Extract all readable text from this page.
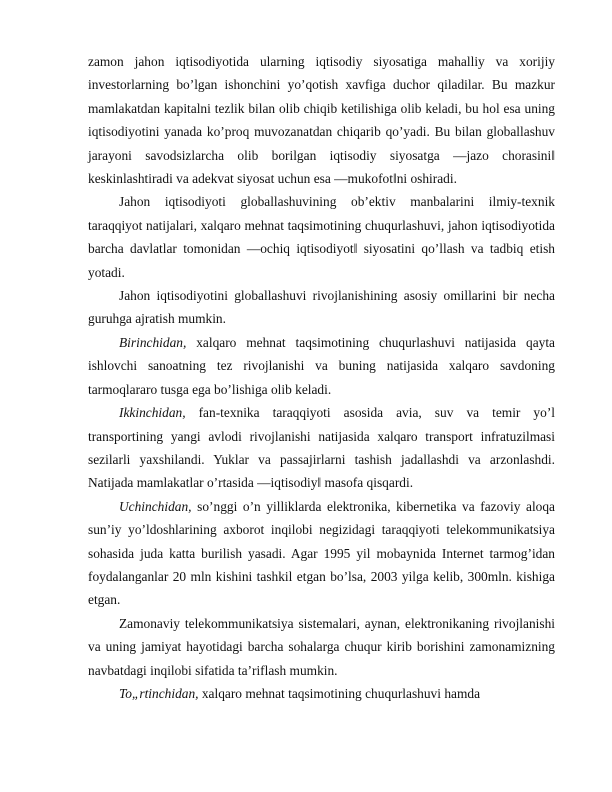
zamon jahon iqtisodiyotida ularning iqtisodiy siyosatiga mahalliy va xorijiy investorlarning bo’lgan ishonchini yo’qotish xavfiga duchor qiladilar. Bu mazkur mamlakatdan kapitalni tezlik bilan olib chiqib ketilishiga olib keladi, bu hol esa uning iqtisodiyotini yanada ko’proq muvozanatdan chiqarib qo’yadi. Bu bilan globallashuv jarayoni savodsizlarcha olib borilgan iqtisodiy siyosatga ―jazo chorasini‖ keskinlashtiradi va adekvat siyosat uchun esa ―mukofot‖ni oshiradi.

Jahon iqtisodiyoti globallashuvining ob’ektiv manbalarini ilmiy-texnik taraqqiyot natijalari, xalqaro mehnat taqsimotining chuqurlashuvi, jahon iqtisodiyotida barcha davlatlar tomonidan ―ochiq iqtisodiyot‖ siyosatini qo’llash va tadbiq etish yotadi.

Jahon iqtisodiyotini globallashuvi rivojlanishining asosiy omillarini bir necha guruhga ajratish mumkin.

Birinchidan, xalqaro mehnat taqsimotining chuqurlashuvi natijasida qayta ishlovchi sanoatning tez rivojlanishi va buning natijasida xalqaro savdoning tarmoqlararo tusga ega bo’lishiga olib keladi.

Ikkinchidan, fan-texnika taraqqiyoti asosida avia, suv va temir yo’l transportining yangi avlodi rivojlanishi natijasida xalqaro transport infratuzilmasi sezilarli yaxshilandi. Yuklar va passajirlarni tashish jadallashdi va arzonlashdi. Natijada mamlakatlar o’rtasida ―iqtisodiy‖ masofa qisqardi.

Uchinchidan, so’nggi o’n yilliklarda elektronika, kibernetika va fazoviy aloqa sun’iy yo’ldoshlarining axborot inqilobi negizidagi taraqqiyoti telekommunikatsiya sohasida juda katta burilish yasadi. Agar 1995 yil mobaynida Internet tarmog’idan foydalanganlar 20 mln kishini tashkil etgan bo’lsa, 2003 yilga kelib, 300mln. kishiga etgan.

Zamonaviy telekommunikatsiya sistemalari, aynan, elektronikaning rivojlanishi va uning jamiyat hayotidagi barcha sohalarga chuqur kirib borishini zamonamizning navbatdagi inqilobi sifatida ta’riflash mumkin.

To„rtinchidan, xalqaro mehnat taqsimotining chuqurlashuvi hamda
